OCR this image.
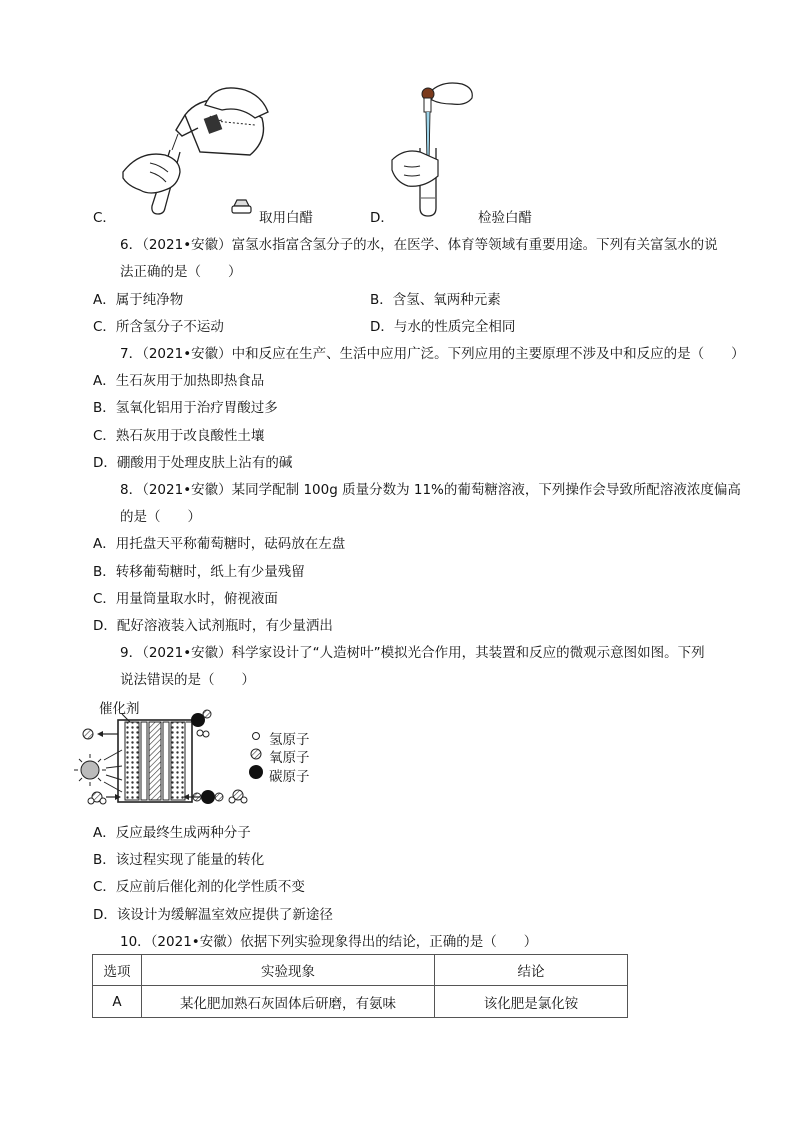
C．	取用白醋	D．	检验白醋
6．（2021•安徽）富氢水指富含氢分子的水，在医学、体育等领域有重要用途。下列有关富氢水的说
法正确的是（　　）
A．属于纯净物	B．含氢、氧两种元素
C．所含氢分子不运动	D．与水的性质完全相同
7．（2021•安徽）中和反应在生产、生活中应用广泛。下列应用的主要原理不涉及中和反应的是（　　）
A．生石灰用于加热即热食品
B．氢氧化铝用于治疗胃酸过多
C．熟石灰用于改良酸性土壤
D．硼酸用于处理皮肤上沾有的碱
8．（2021•安徽）某同学配制 100g 质量分数为 11%的葡萄糖溶液，下列操作会导致所配溶液浓度偏高
的是（　　）
A．用托盘天平称葡萄糖时，砝码放在左盘
B．转移葡萄糖时，纸上有少量残留
C．用量筒量取水时，俯视液面
D．配好溶液装入试剂瓶时，有少量洒出
9．（2021•安徽）科学家设计了“人造树叶”模拟光合作用，其装置和反应的微观示意图如图。下列
说法错误的是（　　）
催化剂
氢原子
氧原子
碳原子
A．反应最终生成两种分子
B．该过程实现了能量的转化
C．反应前后催化剂的化学性质不变
D．该设计为缓解温室效应提供了新途径
10．（2021•安徽）依据下列实验现象得出的结论，正确的是（　　）
选项	实验现象	结论
A	某化肥加熟石灰固体后研磨，有氨味	该化肥是氯化铵
